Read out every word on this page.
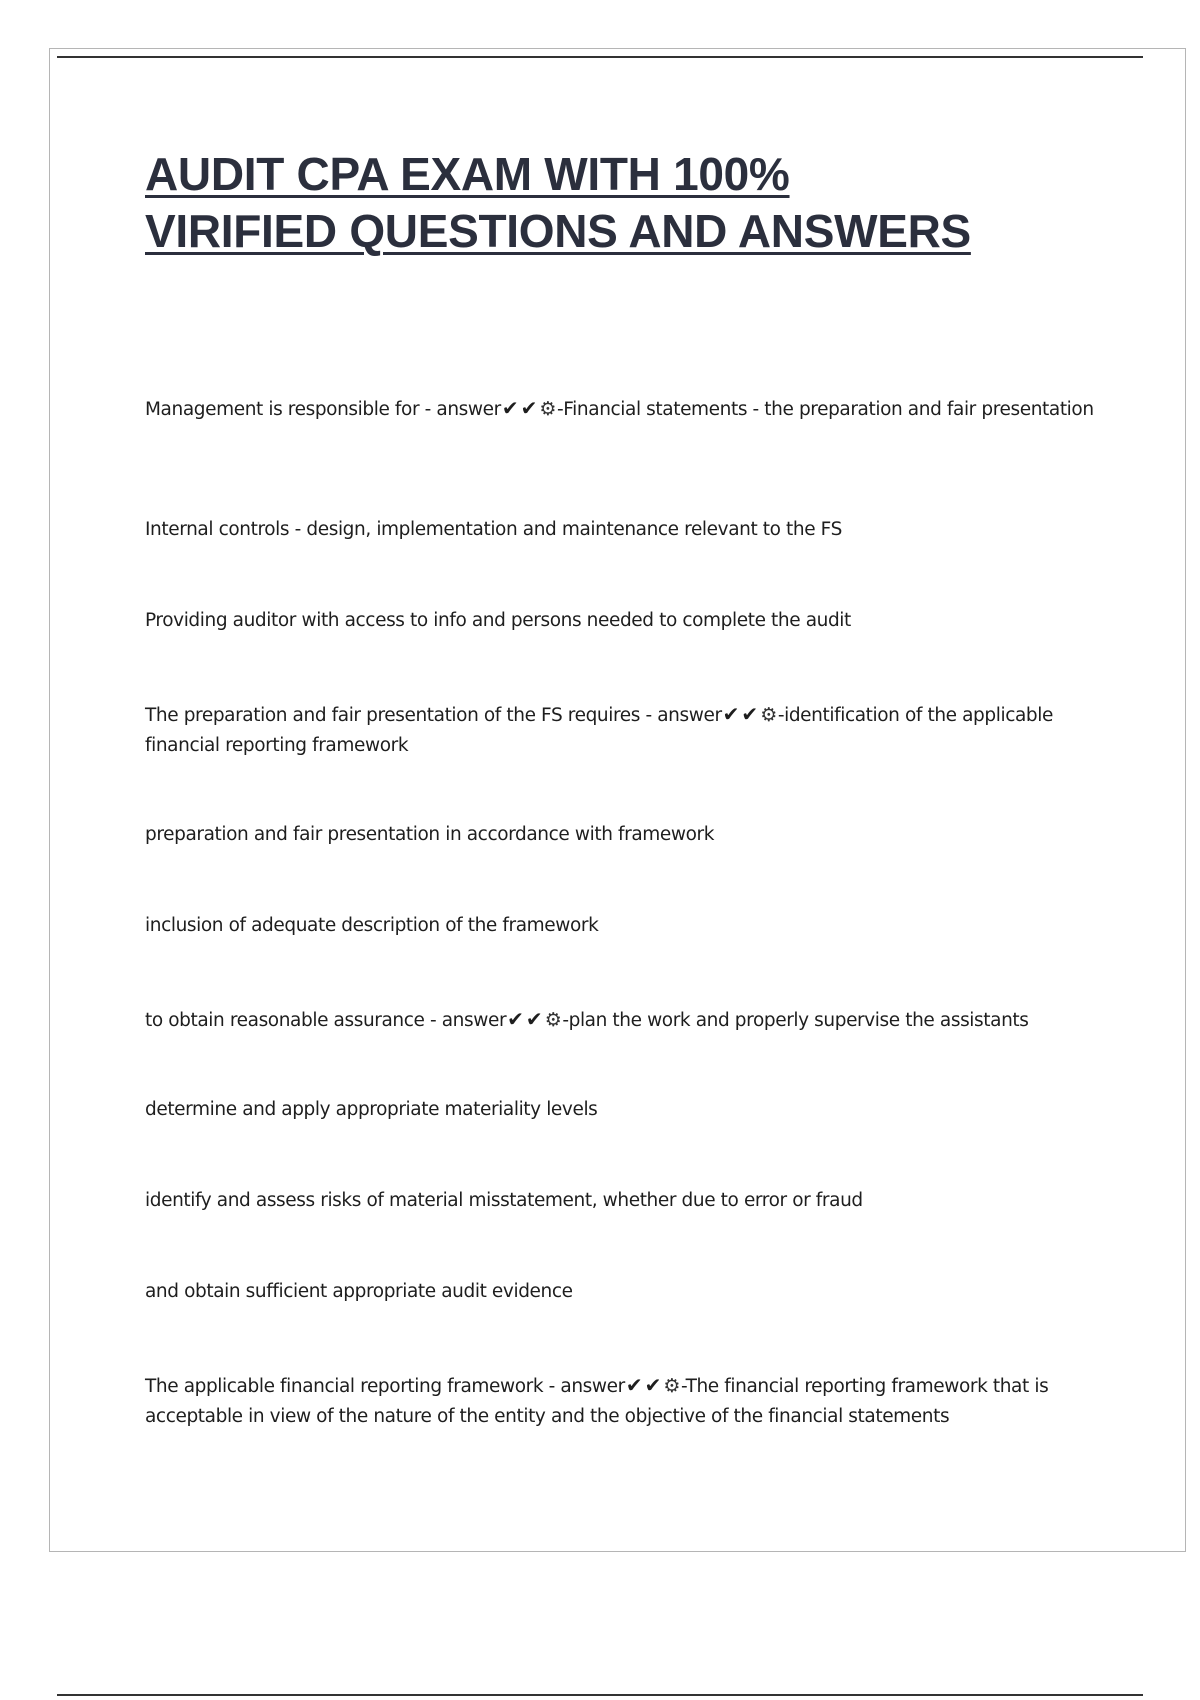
AUDIT CPA EXAM WITH 100%
VIRIFIED QUESTIONS AND ANSWERS

Management is responsible for - answer✔ ✔ ⚙-Financial statements - the preparation and fair presentation

Internal controls - design, implementation and maintenance relevant to the FS

Providing auditor with access to info and persons needed to complete the audit

The preparation and fair presentation of the FS requires - answer✔ ✔ ⚙-identification of the applicable financial reporting framework

preparation and fair presentation in accordance with framework

inclusion of adequate description of the framework

to obtain reasonable assurance - answer✔ ✔ ⚙-plan the work and properly supervise the assistants

determine and apply appropriate materiality levels

identify and assess risks of material misstatement, whether due to error or fraud

and obtain sufficient appropriate audit evidence

The applicable financial reporting framework - answer✔ ✔ ⚙-The financial reporting framework that is acceptable in view of the nature of the entity and the objective of the financial statements
